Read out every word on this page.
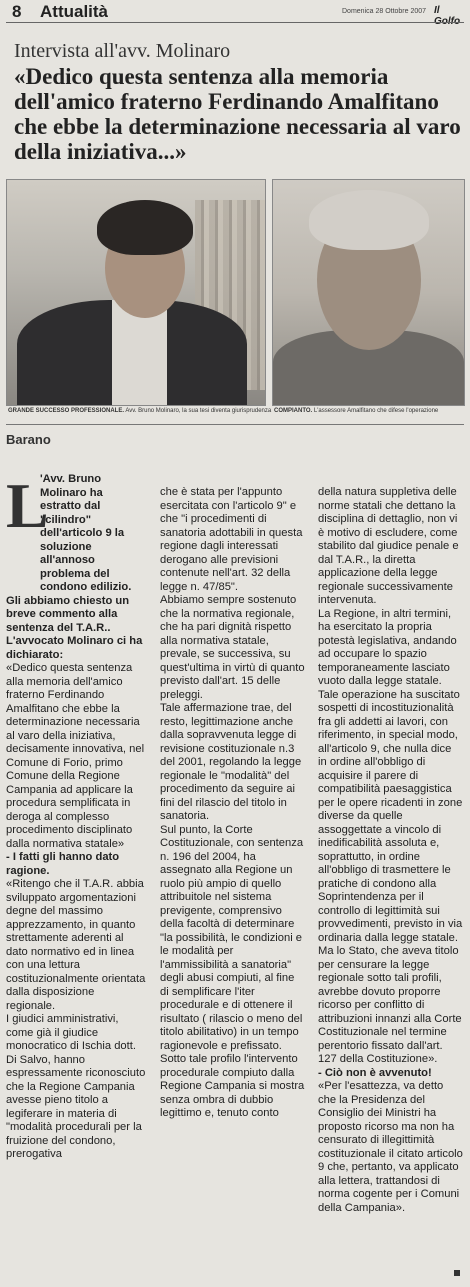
8 Attualità	Domenica 28 Ottobre 2007 Il
Intervista all'avv. Molinaro
«Dedico questa sentenza alla memoria dell'amico fraterno Ferdinando Amalfitano che ebbe la determinazione necessaria al varo della iniziativa...»
GRANDE SUCCESSO PROFESSIONALE. Avv. Bruno Molinaro, la sua tesi diventa giurisprudenza COMPIANTO. L'assessore Amalfitano che difese l'operazione
Barano
L

'Avv. Bruno Molinaro ha estratto dal "cilindro" dell'articolo 9 la soluzione all'annoso problema del condono edilizio.

Gli abbiamo chiesto un breve commento alla sentenza del T.A.R..

L'avvocato Molinaro ci ha dichiarato:

«Dedico questa sentenza alla memoria dell'amico fraterno Ferdinando Amalfitano che ebbe la determinazione necessaria al varo della iniziativa, decisamente innovativa, nel Comune di Forio, primo Comune della Regione Campania ad applicare la procedura semplificata in deroga al complesso procedimento disciplinato dalla normativa statale»

- I fatti gli hanno dato ragione.

«Ritengo che il T.A.R. abbia sviluppato argomentazioni degne del massimo apprezzamento, in quanto strettamente aderenti al dato normativo ed in linea con una lettura costituzionalmente orientata dalla disposizione regionale.

I giudici amministrativi, come già il giudice monocratico di Ischia dott. Di Salvo, hanno espressamente riconosciuto che la Regione Campania avesse pieno titolo a legiferare in materia di "modalità procedurali per la fruizione del condono, prerogativa

che è stata per l'appunto esercitata con l'articolo 9" e che "i procedimenti di sanatoria adottabili in questa regione dagli interessati derogano alle previsioni contenute nell'art. 32 della legge n. 47/85".

Abbiamo sempre sostenuto che la normativa regionale, che ha pari dignità rispetto alla normativa statale, prevale, se successiva, su quest'ultima in virtù di quanto previsto dall'art. 15 delle preleggi.

Tale affermazione trae, del resto, legittimazione anche dalla sopravvenuta legge di revisione costituzionale n.3 del 2001, regolando la legge regionale le "modalità" del procedimento da seguire ai fini del rilascio del titolo in sanatoria.

Sul punto, la Corte Costituzionale, con sentenza n. 196 del 2004, ha assegnato alla Regione un ruolo più ampio di quello attribuitole nel sistema previgente, comprensivo della facoltà di determinare "la possibilità, le condizioni e le modalità per l'ammissibilità a sanatoria" degli abusi compiuti, al fine di semplificare l'iter procedurale e di ottenere il risultato ( rilascio o meno del titolo abilitativo) in un tempo ragionevole e prefissato.

Sotto tale profilo l'intervento procedurale compiuto dalla Regione Campania si mostra senza ombra di dubbio legittimo e, tenuto conto

della natura suppletiva delle norme statali che dettano la disciplina di dettaglio, non vi è motivo di escludere, come stabilito dal giudice penale e dal T.A.R., la diretta applicazione della legge regionale successivamente intervenuta.

La Regione, in altri termini, ha esercitato la propria potestà legislativa, andando ad occupare lo spazio temporaneamente lasciato vuoto dalla legge statale.

Tale operazione ha suscitato sospetti di incostituzionalità fra gli addetti ai lavori, con riferimento, in special modo, all'articolo 9, che nulla dice in ordine all'obbligo di acquisire il parere di compatibilità paesaggistica per le opere ricadenti in zone diverse da quelle assoggettate a vincolo di inedificabilità assoluta e, soprattutto, in ordine all'obbligo di trasmettere le pratiche di condono alla Soprintendenza per il controllo di legittimità sui provvedimenti, previsto in via ordinaria dalla legge statale.

Ma lo Stato, che aveva titolo per censurare la legge regionale sotto tali profili, avrebbe dovuto proporre ricorso per conflitto di attribuzioni innanzi alla Corte Costituzionale nel termine perentorio fissato dall'art. 127 della Costituzione».

- Ciò non è avvenuto!

«Per l'esattezza, va detto che la Presidenza del Consiglio dei Ministri ha proposto ricorso ma non ha censurato di illegittimità costituzionale il citato articolo 9 che, pertanto, va applicato alla lettera, trattandosi di norma cogente per i Comuni della Campania».
